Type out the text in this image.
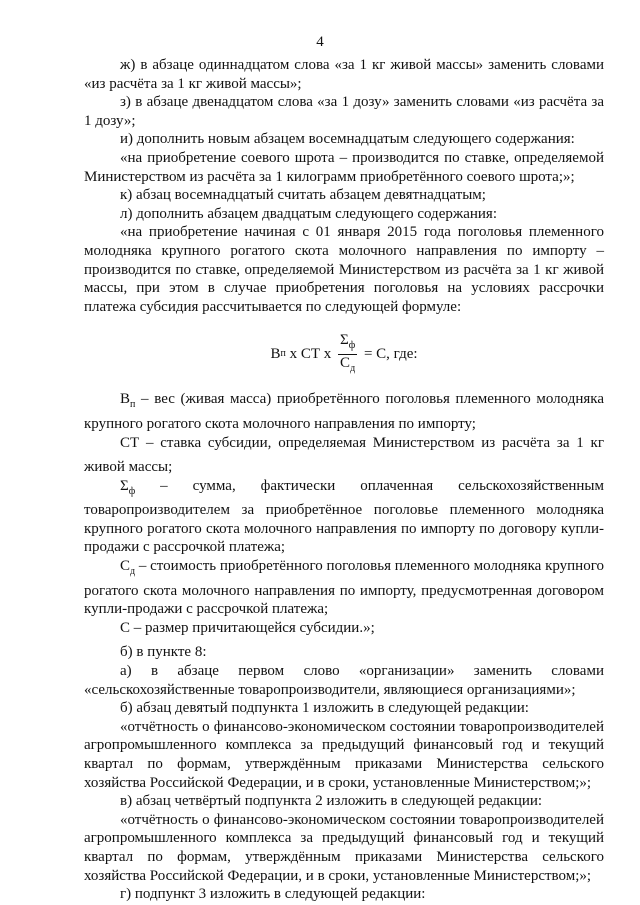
4

ж) в абзаце одиннадцатом слова «за 1 кг живой массы» заменить словами «из расчёта за 1 кг живой массы»;

з) в абзаце двенадцатом слова «за 1 дозу» заменить словами «из расчёта за 1 дозу»;

и) дополнить новым абзацем восемнадцатым следующего содержания:

«на приобретение соевого шрота – производится по ставке, определяемой Министерством из расчёта за 1 килограмм приобретённого соевого шрота;»;

к) абзац восемнадцатый считать абзацем девятнадцатым;

л) дополнить абзацем двадцатым следующего содержания:

«на приобретение начиная с 01 января 2015 года поголовья племенного молодняка крупного рогатого скота молочного направления по импорту – производится по ставке, определяемой Министерством из расчёта за 1 кг живой массы, при этом в случае приобретения поголовья на условиях рассрочки платежа субсидия рассчитывается по следующей формуле:

В п х СТ х $\frac{\Sigma_ф}{С_д} = С$, где:

$В_п$ – вес (живая масса) приобретённого поголовья племенного молодняка крупного рогатого скота молочного направления по импорту;

СТ – ставка субсидии, определяемая Министерством из расчёта за 1 кг живой массы;

$\Sigma_ф$ – сумма, фактически оплаченная сельскохозяйственным товаропроизводителем за приобретённое поголовье племенного молодняка крупного рогатого скота молочного направления по импорту по договору купли-продажи с рассрочкой платежа;

$С_д$ – стоимость приобретённого поголовья племенного молодняка крупного рогатого скота молочного направления по импорту, предусмотренная договором купли-продажи с рассрочкой платежа;

С – размер причитающейся субсидии.»;

б) в пункте 8:

а) в абзаце первом слово «организации» заменить словами «сельскохозяйственные товаропроизводители, являющиеся организациями»;

б) абзац девятый подпункта 1 изложить в следующей редакции:

«отчётность о финансово-экономическом состоянии товаропроизводителей агропромышленного комплекса за предыдущий финансовый год и текущий квартал по формам, утверждённым приказами Министерства сельского хозяйства Российской Федерации, и в сроки, установленные Министерством;»;

в) абзац четвёртый подпункта 2 изложить в следующей редакции:

«отчётность о финансово-экономическом состоянии товаропроизводителей агропромышленного комплекса за предыдущий финансовый год и текущий квартал по формам, утверждённым приказами Министерства сельского хозяйства Российской Федерации, и в сроки, установленные Министерством;»;

г) подпункт 3 изложить в следующей редакции:
